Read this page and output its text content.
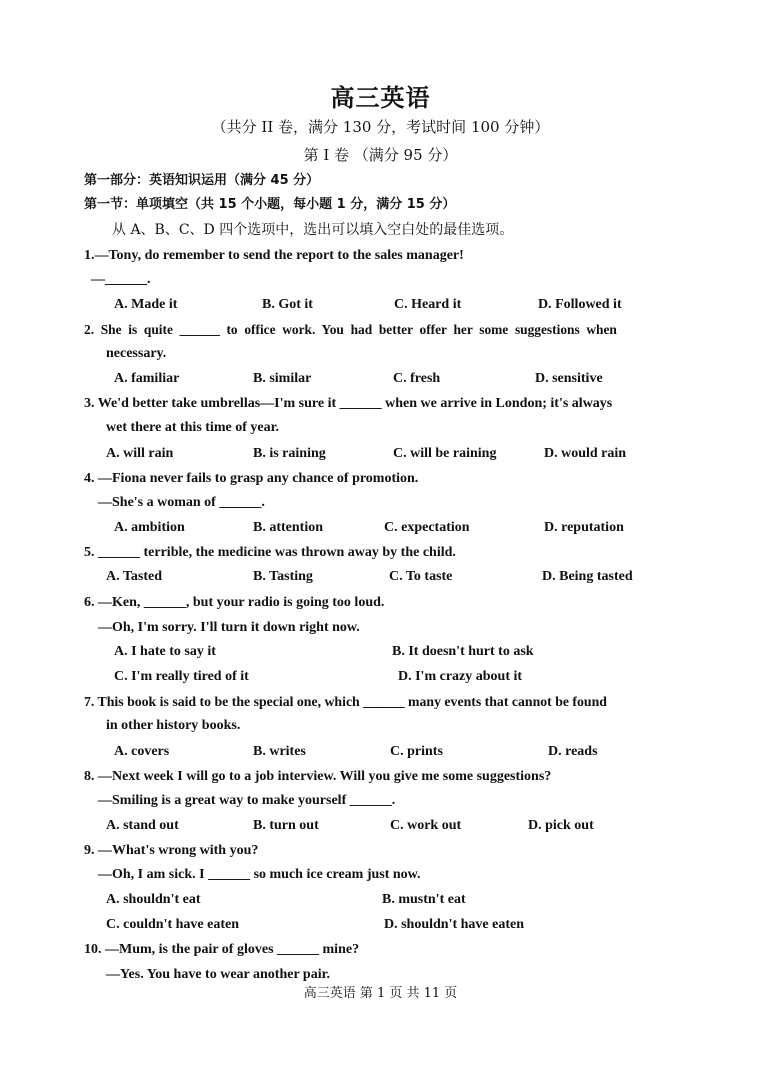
高三英语
（共分 II 卷，满分 130 分，考试时间 100 分钟）
第 I 卷 （满分 95 分）
第一部分：英语知识运用（满分 45 分）
第一节：单项填空（共 15 个小题，每小题 1 分，满分 15 分）
从 A、B、C、D 四个选项中，选出可以填入空白处的最佳选项。
1.—Tony, do remember to send the report to the sales manager!
—______.
A. Made it	B. Got it	C. Heard it	D. Followed it
2.  She  is  quite  ______  to  office  work.  You  had  better  offer  her  some  suggestions  when
necessary.
A. familiar	B. similar	C. fresh	D. sensitive
3. We'd better take umbrellas—I'm sure it ______ when we arrive in London; it's always
wet there at this time of year.
A. will rain	B. is raining	C. will be raining	D. would rain
4. —Fiona never fails to grasp any chance of promotion.
—She's a woman of ______.
A. ambition	B. attention	C. expectation	D. reputation
5. ______ terrible, the medicine was thrown away by the child.
A. Tasted	B. Tasting	C. To taste	D. Being tasted
6. —Ken, ______, but your radio is going too loud.
—Oh, I'm sorry. I'll turn it down right now.
A. I hate to say it	B. It doesn't hurt to ask
C. I'm really tired of it	D. I'm crazy about it
7. This book is said to be the special one, which ______ many events that cannot be found
in other history books.
A. covers	B. writes	C. prints	D. reads
8. —Next week I will go to a job interview. Will you give me some suggestions?
—Smiling is a great way to make yourself ______.
A. stand out	B. turn out	C. work out	D. pick out
9. —What's wrong with you?
—Oh, I am sick. I ______ so much ice cream just now.
A. shouldn't eat	B. mustn't eat
C. couldn't have eaten	D. shouldn't have eaten
10. —Mum, is the pair of gloves ______ mine?
—Yes. You have to wear another pair.
高三英语 第 1 页 共 11 页
